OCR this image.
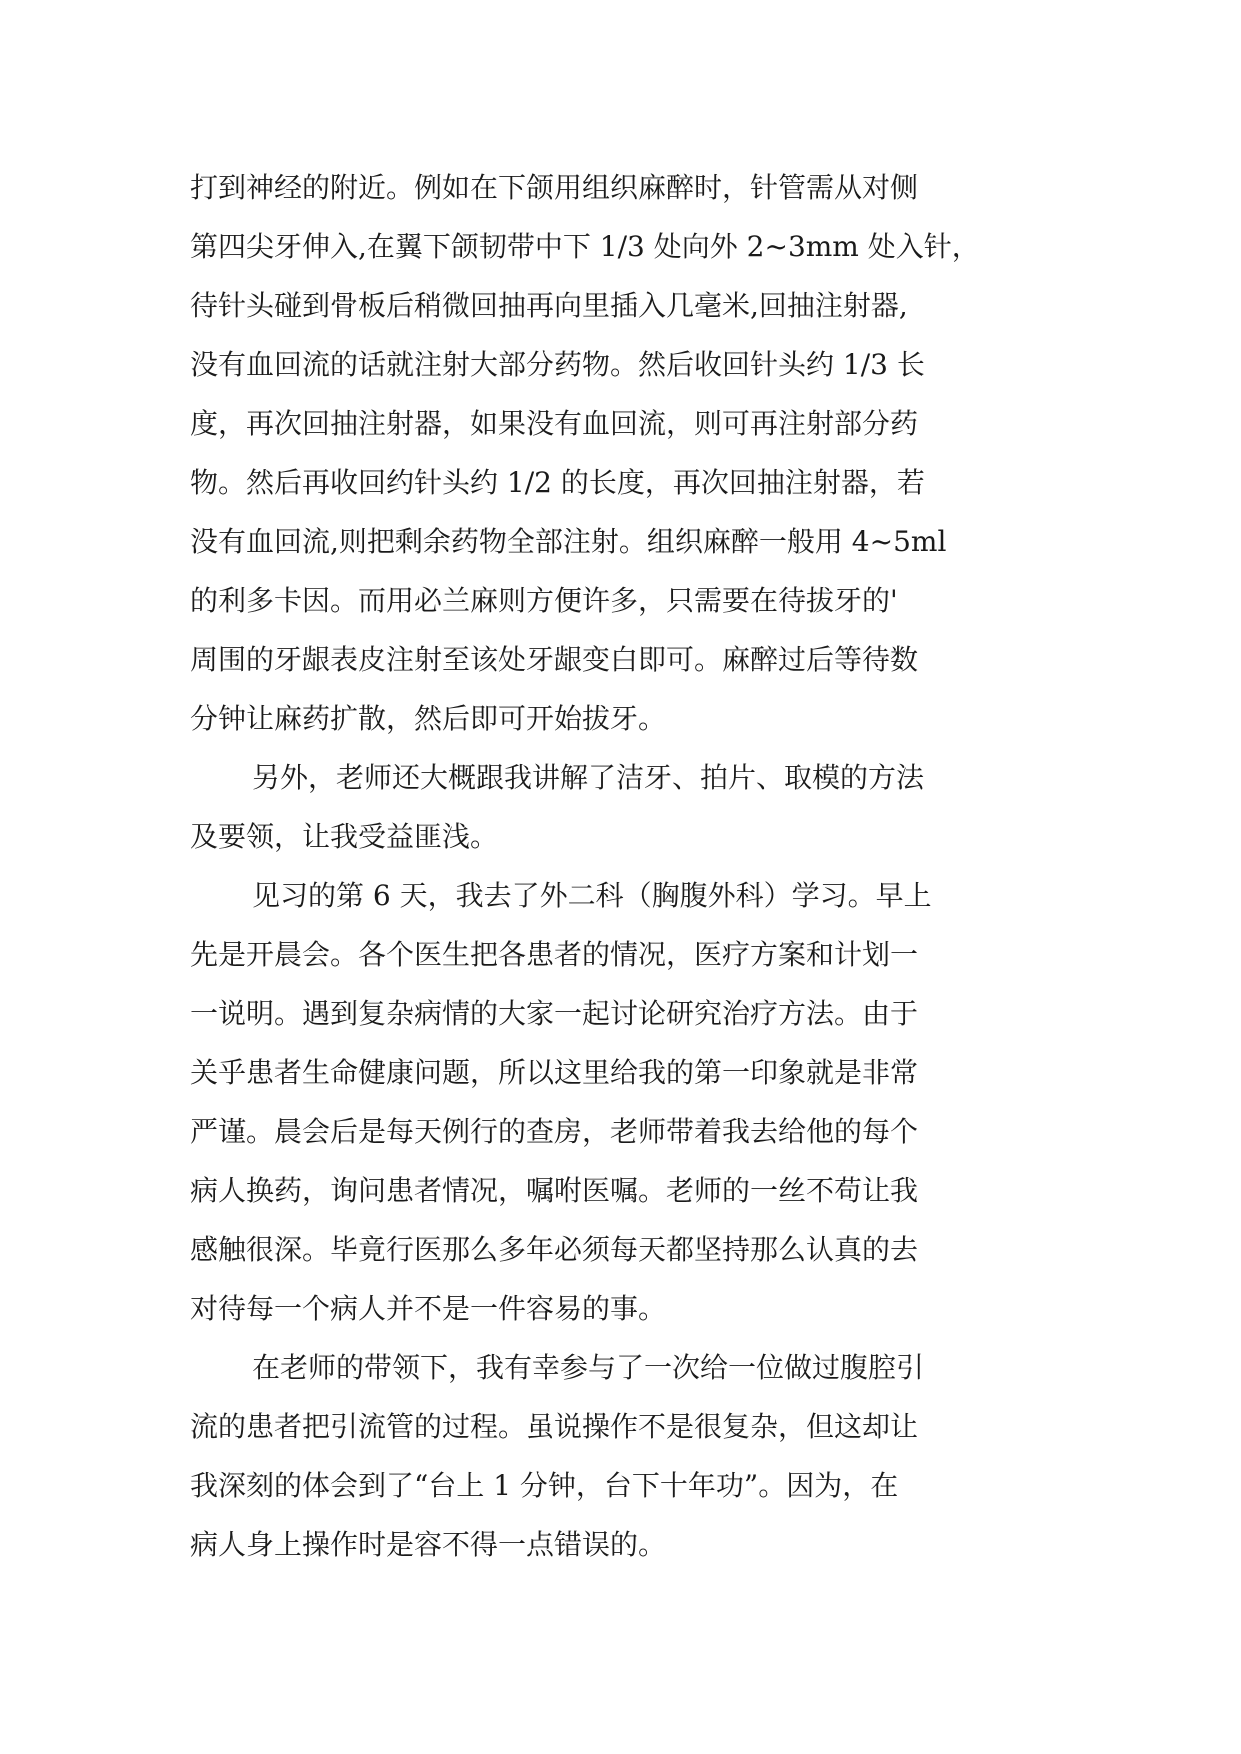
打到神经的附近。例如在下颌用组织麻醉时，针管需从对侧
第四尖牙伸入,在翼下颌韧带中下 1/3 处向外 2~3mm 处入针，
待针头碰到骨板后稍微回抽再向里插入几毫米,回抽注射器,
没有血回流的话就注射大部分药物。然后收回针头约 1/3 长
度，再次回抽注射器，如果没有血回流，则可再注射部分药
物。然后再收回约针头约 1/2 的长度，再次回抽注射器，若
没有血回流,则把剩余药物全部注射。组织麻醉一般用 4~5ml
的利多卡因。而用必兰麻则方便许多，只需要在待拔牙的'
周围的牙龈表皮注射至该处牙龈变白即可。麻醉过后等待数
分钟让麻药扩散，然后即可开始拔牙。
另外，老师还大概跟我讲解了洁牙、拍片、取模的方法
及要领，让我受益匪浅。
见习的第 6 天，我去了外二科（胸腹外科）学习。早上
先是开晨会。各个医生把各患者的情况，医疗方案和计划一
一说明。遇到复杂病情的大家一起讨论研究治疗方法。由于
关乎患者生命健康问题，所以这里给我的第一印象就是非常
严谨。晨会后是每天例行的查房，老师带着我去给他的每个
病人换药，询问患者情况，嘱咐医嘱。老师的一丝不苟让我
感触很深。毕竟行医那么多年必须每天都坚持那么认真的去
对待每一个病人并不是一件容易的事。
在老师的带领下，我有幸参与了一次给一位做过腹腔引
流的患者把引流管的过程。虽说操作不是很复杂，但这却让
我深刻的体会到了“台上 1 分钟，台下十年功”。因为，在
病人身上操作时是容不得一点错误的。
